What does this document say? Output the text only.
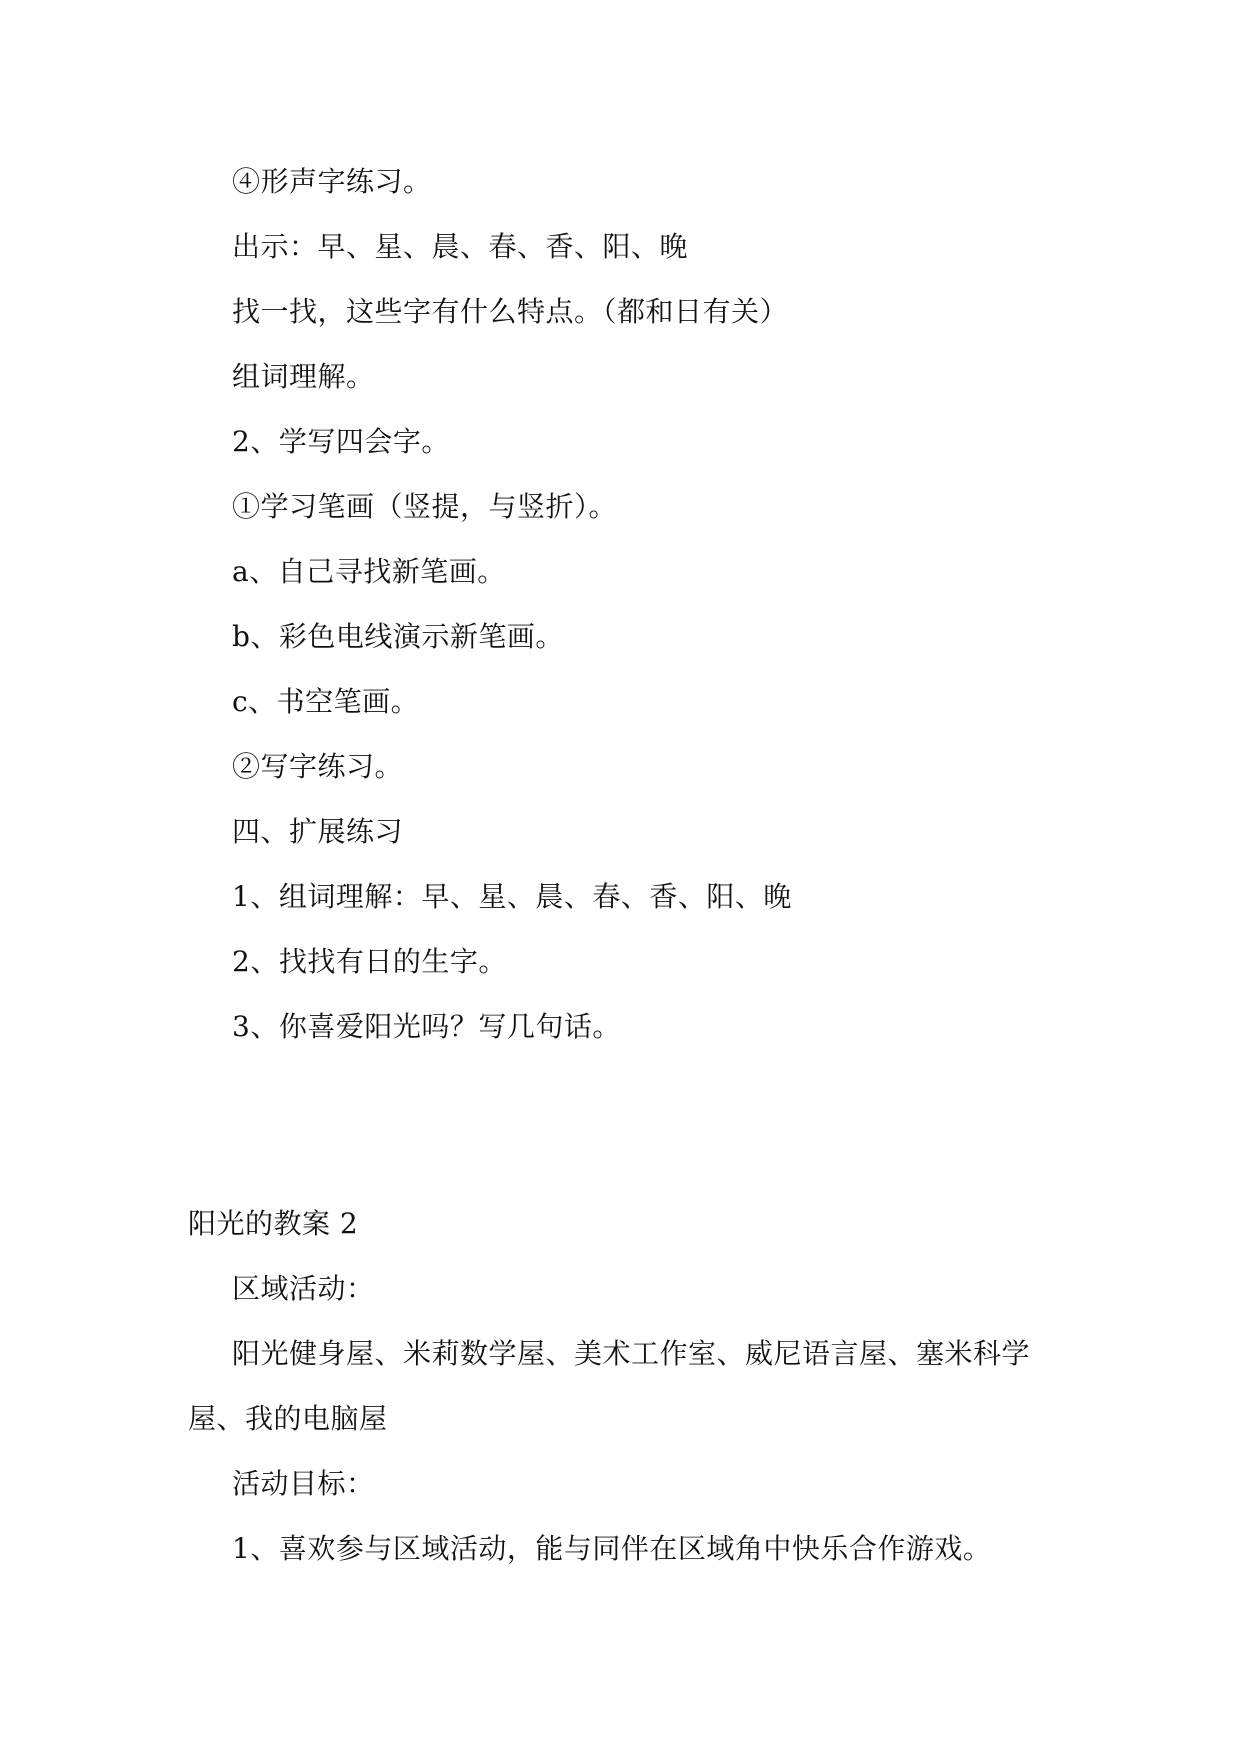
④形声字练习。
出示：早、星、晨、春、香、阳、晚
找一找，这些字有什么特点。（都和日有关）
组词理解。
2、学写四会字。
①学习笔画（竖提，与竖折）。
a、自己寻找新笔画。
b、彩色电线演示新笔画。
c、书空笔画。
②写字练习。
四、扩展练习
1、组词理解：早、星、晨、春、香、阳、晚
2、找找有日的生字。
3、你喜爱阳光吗？写几句话。
阳光的教案 2
区域活动：
阳光健身屋、米莉数学屋、美术工作室、威尼语言屋、塞米科学
屋、我的电脑屋
活动目标：
1、喜欢参与区域活动，能与同伴在区域角中快乐合作游戏。
